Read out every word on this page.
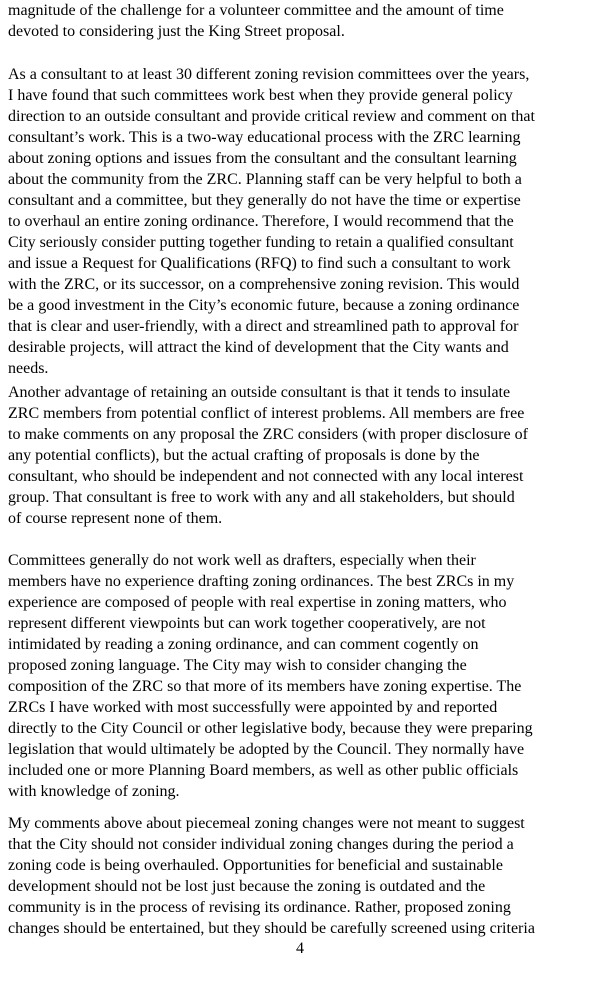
magnitude of the challenge for a volunteer committee and the amount of time
devoted to considering just the King Street proposal.
As a consultant to at least 30 different zoning revision committees over the years,
I have found that such committees work best when they provide general policy
direction to an outside consultant and provide critical review and comment on that
consultant’s work. This is a two-way educational process with the ZRC learning
about zoning options and issues from the consultant and the consultant learning
about the community from the ZRC. Planning staff can be very helpful to both a
consultant and a committee, but they generally do not have the time or expertise
to overhaul an entire zoning ordinance. Therefore, I would recommend that the
City seriously consider putting together funding to retain a qualified consultant
and issue a Request for Qualifications (RFQ) to find such a consultant to work
with the ZRC, or its successor, on a comprehensive zoning revision. This would
be a good investment in the City’s economic future, because a zoning ordinance
that is clear and user-friendly, with a direct and streamlined path to approval for
desirable projects, will attract the kind of development that the City wants and
needs.
Another advantage of retaining an outside consultant is that it tends to insulate
ZRC members from potential conflict of interest problems. All members are free
to make comments on any proposal the ZRC considers (with proper disclosure of
any potential conflicts), but the actual crafting of proposals is done by the
consultant, who should be independent and not connected with any local interest
group. That consultant is free to work with any and all stakeholders, but should
of course represent none of them.
Committees generally do not work well as drafters, especially when their
members have no experience drafting zoning ordinances. The best ZRCs in my
experience are composed of people with real expertise in zoning matters, who
represent different viewpoints but can work together cooperatively, are not
intimidated by reading a zoning ordinance, and can comment cogently on
proposed zoning language. The City may wish to consider changing the
composition of the ZRC so that more of its members have zoning expertise. The
ZRCs I have worked with most successfully were appointed by and reported
directly to the City Council or other legislative body, because they were preparing
legislation that would ultimately be adopted by the Council. They normally have
included one or more Planning Board members, as well as other public officials
with knowledge of zoning.
My comments above about piecemeal zoning changes were not meant to suggest
that the City should not consider individual zoning changes during the period a
zoning code is being overhauled. Opportunities for beneficial and sustainable
development should not be lost just because the zoning is outdated and the
community is in the process of revising its ordinance. Rather, proposed zoning
changes should be entertained, but they should be carefully screened using criteria
4
